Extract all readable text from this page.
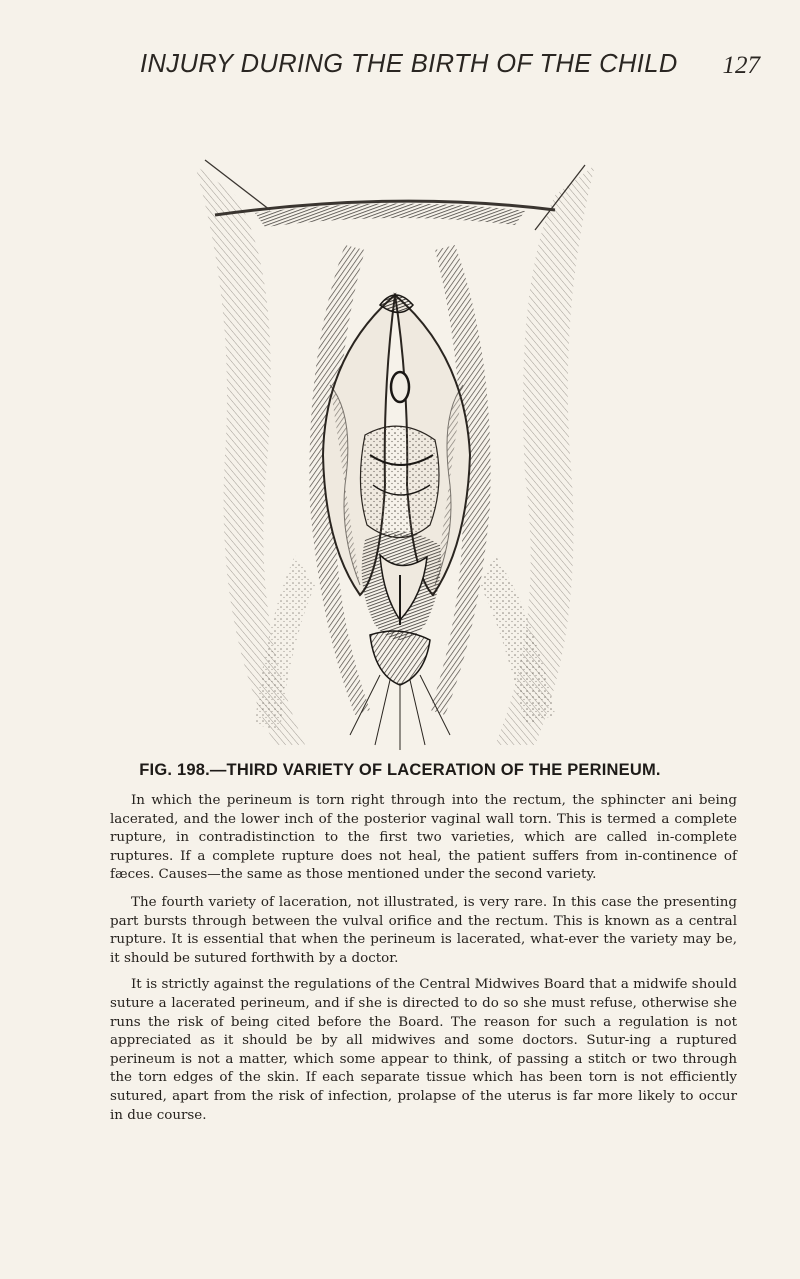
INJURY DURING THE BIRTH OF THE CHILD 127
FIG. 198.—THIRD VARIETY OF LACERATION OF THE PERINEUM.

In which the perineum is torn right through into the rectum, the sphincter ani being lacerated, and the lower inch of the posterior vaginal wall torn. This is termed a complete rupture, in contradistinction to the first two varieties, which are called in-complete ruptures. If a complete rupture does not heal, the patient suffers from in-continence of fæces. Causes—the same as those mentioned under the second variety.

The fourth variety of laceration, not illustrated, is very rare. In this case the presenting part bursts through between the vulval orifice and the rectum. This is known as a central rupture. It is essential that when the perineum is lacerated, what-ever the variety may be, it should be sutured forthwith by a doctor.

It is strictly against the regulations of the Central Midwives Board that a midwife should suture a lacerated perineum, and if she is directed to do so she must refuse, otherwise she runs the risk of being cited before the Board. The reason for such a regulation is not appreciated as it should be by all midwives and some doctors. Sutur-ing a ruptured perineum is not a matter, which some appear to think, of passing a stitch or two through the torn edges of the skin. If each separate tissue which has been torn is not efficiently sutured, apart from the risk of infection, prolapse of the uterus is far more likely to occur in due course.
